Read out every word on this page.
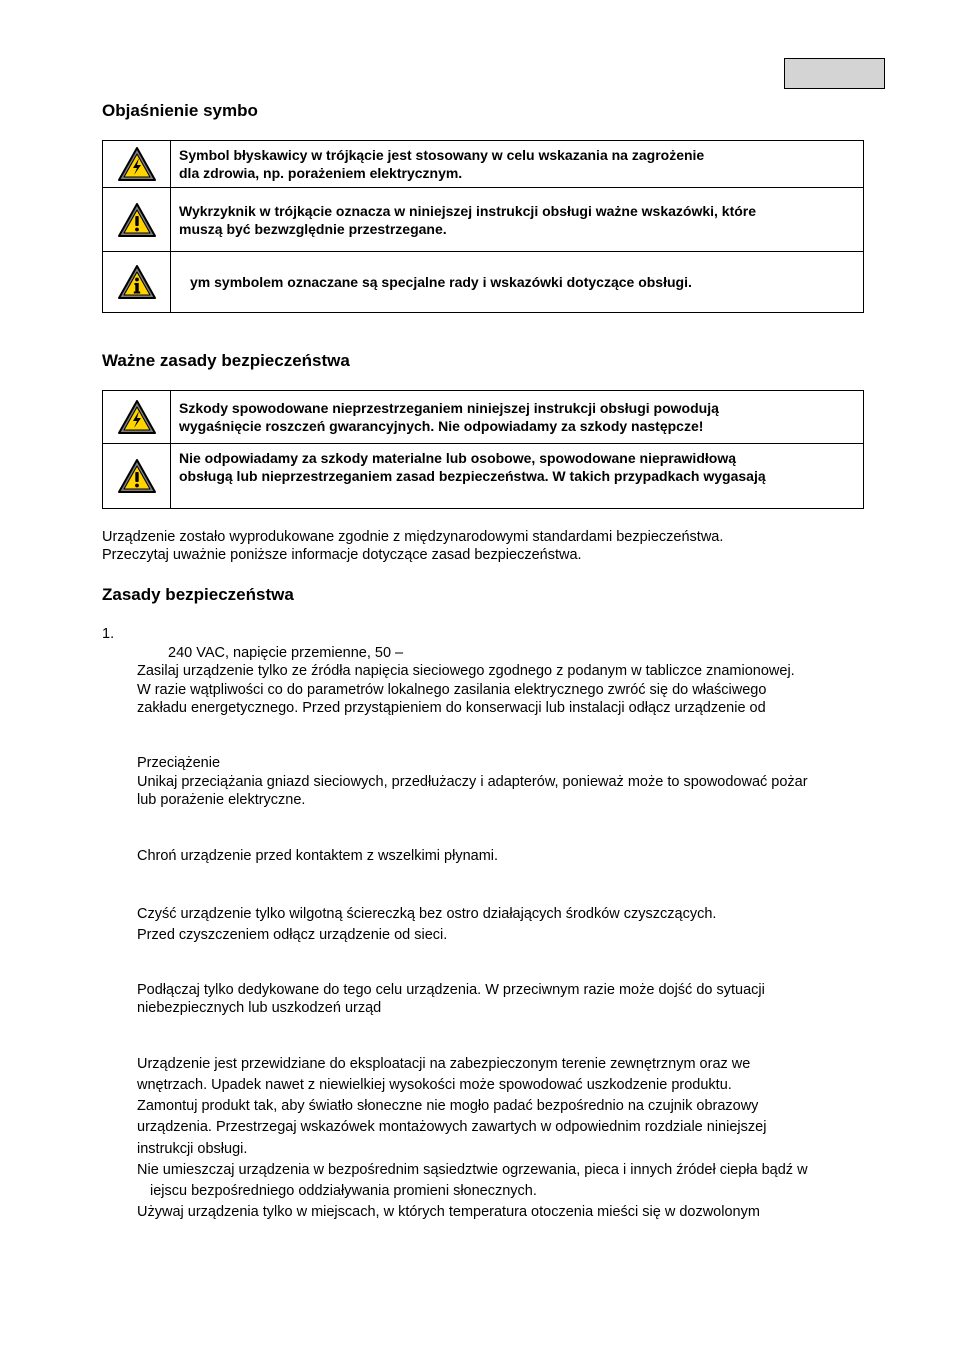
Objaśnienie symbo

Symbol błyskawicy w trójkącie jest stosowany w celu wskazania na zagrożenie
dla zdrowia, np. porażeniem elektrycznym.

Wykrzyknik w trójkącie oznacza w niniejszej instrukcji obsługi ważne wskazówki, które
muszą być bezwzględnie przestrzegane.

ym symbolem oznaczane są specjalne rady i wskazówki dotyczące obsługi.
Ważne zasady bezpieczeństwa

Szkody spowodowane nieprzestrzeganiem niniejszej instrukcji obsługi powodują
wygaśnięcie roszczeń gwarancyjnych. Nie odpowiadamy za szkody następcze!

Nie odpowiadamy za szkody materialne lub osobowe, spowodowane nieprawidłową
obsługą lub nieprzestrzeganiem zasad bezpieczeństwa. W takich przypadkach wygasają

Urządzenie zostało wyprodukowane zgodnie z międzynarodowymi standardami bezpieczeństwa.

Przeczytaj uważnie poniższe informacje dotyczące zasad bezpieczeństwa.

Zasady bezpieczeństwa

1.

240 VAC, napięcie przemienne, 50 –

Zasilaj urządzenie tylko ze źródła napięcia sieciowego zgodnego z podanym w tabliczce znamionowej.

W razie wątpliwości co do parametrów lokalnego zasilania elektrycznego zwróć się do właściwego

zakładu energetycznego. Przed przystąpieniem do konserwacji lub instalacji odłącz urządzenie od

Przeciążenie

Unikaj przeciążania gniazd sieciowych, przedłużaczy i adapterów, ponieważ może to spowodować pożar

lub porażenie elektryczne.

Chroń urządzenie przed kontaktem z wszelkimi płynami.

Czyść urządzenie tylko wilgotną ściereczką bez ostro działających środków czyszczących.

Przed czyszczeniem odłącz urządzenie od sieci.

Podłączaj tylko dedykowane do tego celu urządzenia. W przeciwnym razie może dojść do sytuacji

niebezpiecznych lub uszkodzeń urząd

Urządzenie jest przewidziane do eksploatacji na zabezpieczonym terenie zewnętrznym oraz we

wnętrzach. Upadek nawet z niewielkiej wysokości może spowodować uszkodzenie produktu.

Zamontuj produkt tak, aby światło słoneczne nie mogło padać bezpośrednio na czujnik obrazowy

urządzenia. Przestrzegaj wskazówek montażowych zawartych w odpowiednim rozdziale niniejszej

instrukcji obsługi.

Nie umieszczaj urządzenia w bezpośrednim sąsiedztwie ogrzewania, pieca i innych źródeł ciepła bądź w

iejscu bezpośredniego oddziaływania promieni słonecznych.

Używaj urządzenia tylko w miejscach, w których temperatura otoczenia mieści się w dozwolonym
